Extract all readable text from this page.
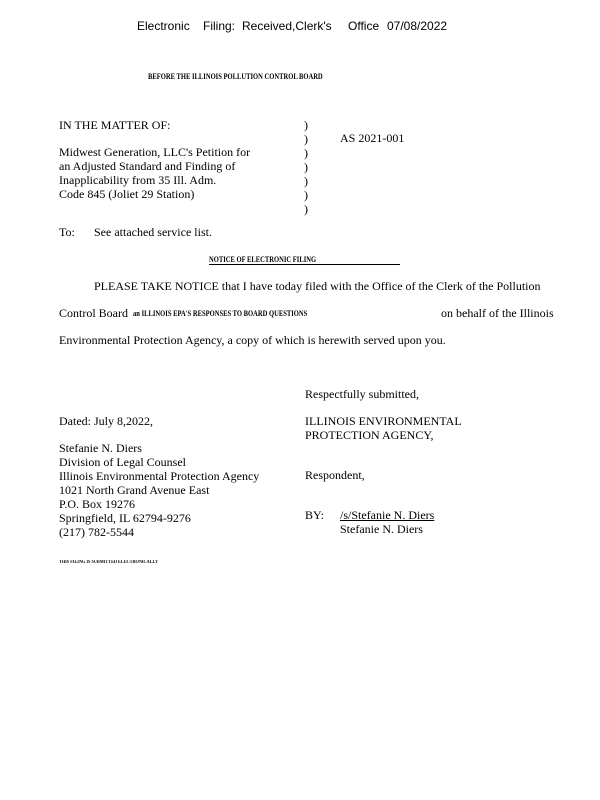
Electronic Filing: Received,Clerk's Office 07/08/2022
BEFORE THE ILLINOIS POLLUTION CONTROL BOARD
IN THE MATTER OF:
Midwest Generation, LLC's Petition for
an Adjusted Standard and Finding of
Inapplicability from 35 Ill. Adm.
Code 845 (Joliet 29 Station)
)
)
)
)
)
)
)
AS 2021-001
To: See attached service list.
NOTICE OF ELECTRONIC FILING
PLEASE TAKE NOTICE that I have today filed with the Office of the Clerk of the Pollution
Control Board an ILLINOIS EPA'S RESPONSES TO BOARD QUESTIONS	on behalf of the Illinois
Environmental Protection Agency, a copy of which is herewith served upon you.
Respectfully submitted,
ILLINOIS ENVIRONMENTAL
PROTECTION AGENCY,
Respondent,
BY: /s/Stefanie N. Diers
Stefanie N. Diers
Dated: July 8,2022,
Stefanie N. Diers
Division of Legal Counsel
Illinois Environmental Protection Agency
1021 North Grand Avenue East
P.O. Box 19276
Springfield, IL 62794-9276
(217) 782-5544
THIS FILING IS SUBMITTED ELECTRONICALLY
